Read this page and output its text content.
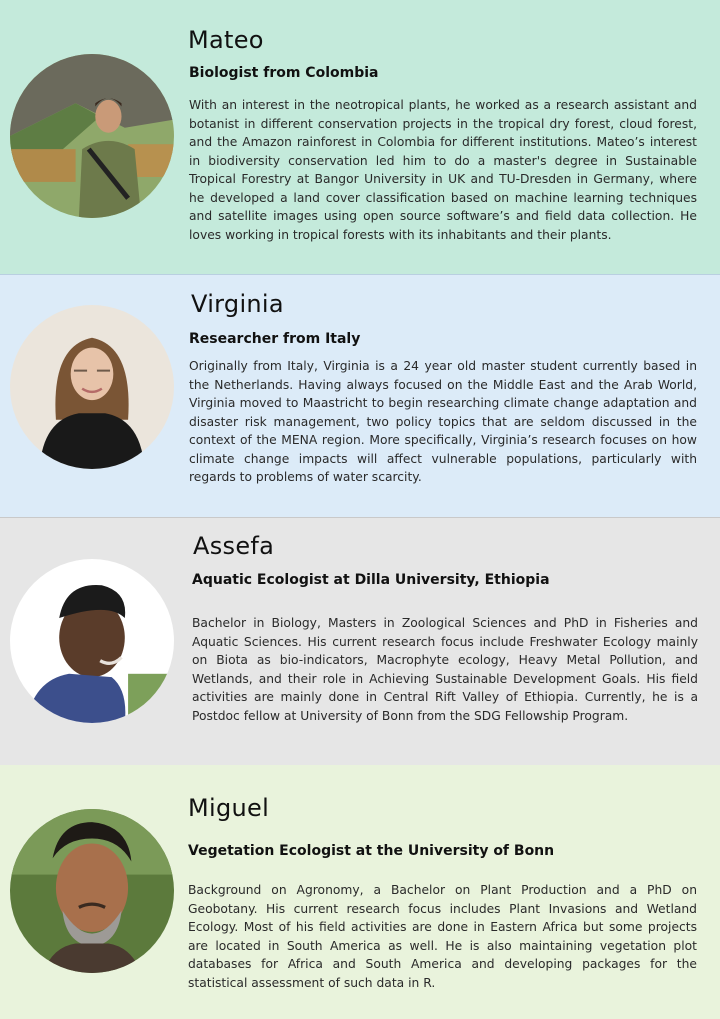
Mateo
Biologist from Colombia

With an interest in the neotropical plants, he worked as a research assistant and botanist in different conservation projects in the tropical dry forest, cloud forest, and the Amazon rainforest in Colombia for different institutions. Mateo’s interest in biodiversity conservation led him to do a master's degree in Sustainable Tropical Forestry at Bangor University in UK and TU-Dresden in Germany, where he developed a land cover classification based on machine learning techniques and satellite images using open source software’s and field data collection. He loves working in tropical forests with its inhabitants and their plants.

Virginia
Researcher from Italy

Originally from Italy, Virginia is a 24 year old master student currently based in the Netherlands. Having always focused on the Middle East and the Arab World, Virginia moved to Maastricht to begin researching climate change adaptation and disaster risk management, two policy topics that are seldom discussed in the context of the MENA region. More specifically, Virginia’s research focuses on how climate change impacts will affect vulnerable populations, particularly with regards to problems of water scarcity.

Assefa
Aquatic Ecologist at Dilla University, Ethiopia

Bachelor in Biology, Masters in Zoological Sciences and PhD in Fisheries and Aquatic Sciences. His current research focus include Freshwater Ecology mainly on Biota as bio-indicators, Macrophyte ecology, Heavy Metal Pollution, and Wetlands, and their role in Achieving Sustainable Development Goals. His field activities are mainly done in Central Rift Valley of Ethiopia. Currently, he is a Postdoc fellow at University of Bonn from the SDG Fellowship Program.

Miguel
Vegetation Ecologist at the University of Bonn

Background on Agronomy, a Bachelor on Plant Production and a PhD on Geobotany. His current research focus includes Plant Invasions and Wetland Ecology. Most of his field activities are done in Eastern Africa but some projects are located in South America as well. He is also maintaining vegetation plot databases for Africa and South America and developing packages for the statistical assessment of such data in R.
